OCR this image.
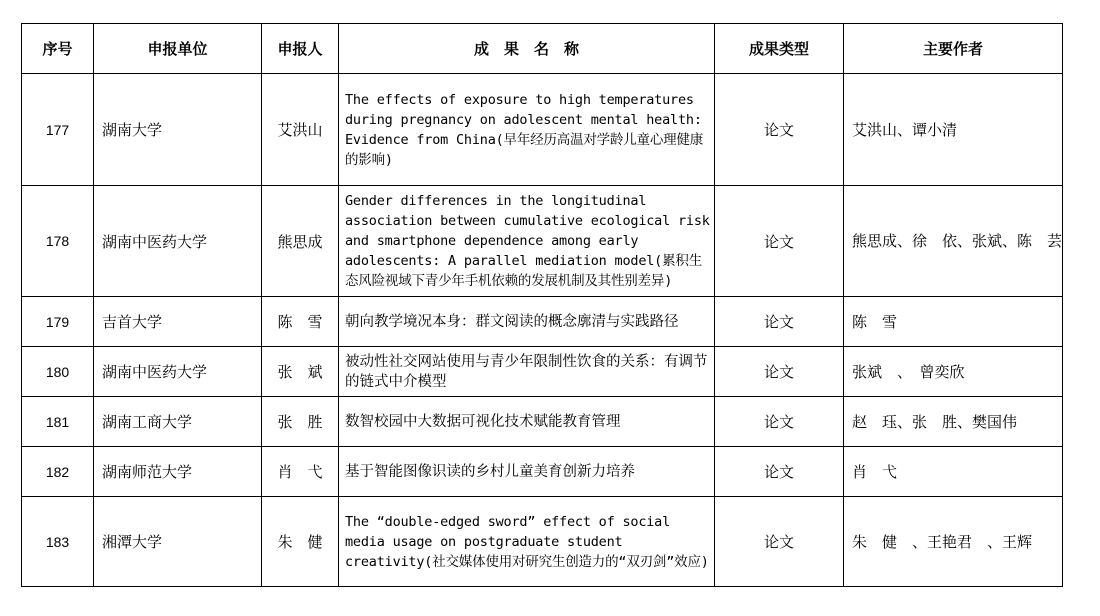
序号	申报单位	申报人	成　果　名　称	成果类型	主要作者
177	湖南大学	艾洪山	The effects of exposure to high temperatures during pregnancy on adolescent mental health: Evidence from China(早年经历高温对学龄儿童心理健康的影响)	论文	艾洪山、谭小清
178	湖南中医药大学	熊思成	Gender differences in the longitudinal association between cumulative ecological risk and smartphone dependence among early adolescents: A parallel mediation model(累积生态风险视域下青少年手机依赖的发展机制及其性别差异)	论文	熊思成、徐　依、张斌、陈　芸
179	吉首大学	陈　雪	朝向教学境况本身：群文阅读的概念廓清与实践路径	论文	陈　雪
180	湖南中医药大学	张　斌	被动性社交网站使用与青少年限制性饮食的关系：有调节的链式中介模型	论文	张斌　、　曾奕欣
181	湖南工商大学	张　胜	数智校园中大数据可视化技术赋能教育管理	论文	赵　珏、张　胜、樊国伟
182	湖南师范大学	肖　弋	基于智能图像识读的乡村儿童美育创新力培养	论文	肖　弋
183	湘潭大学	朱　健	The “double-edged sword” effect of social media usage on postgraduate student creativity(社交媒体使用对研究生创造力的“双刃剑”效应)	论文	朱　健　、王艳君　、王辉
